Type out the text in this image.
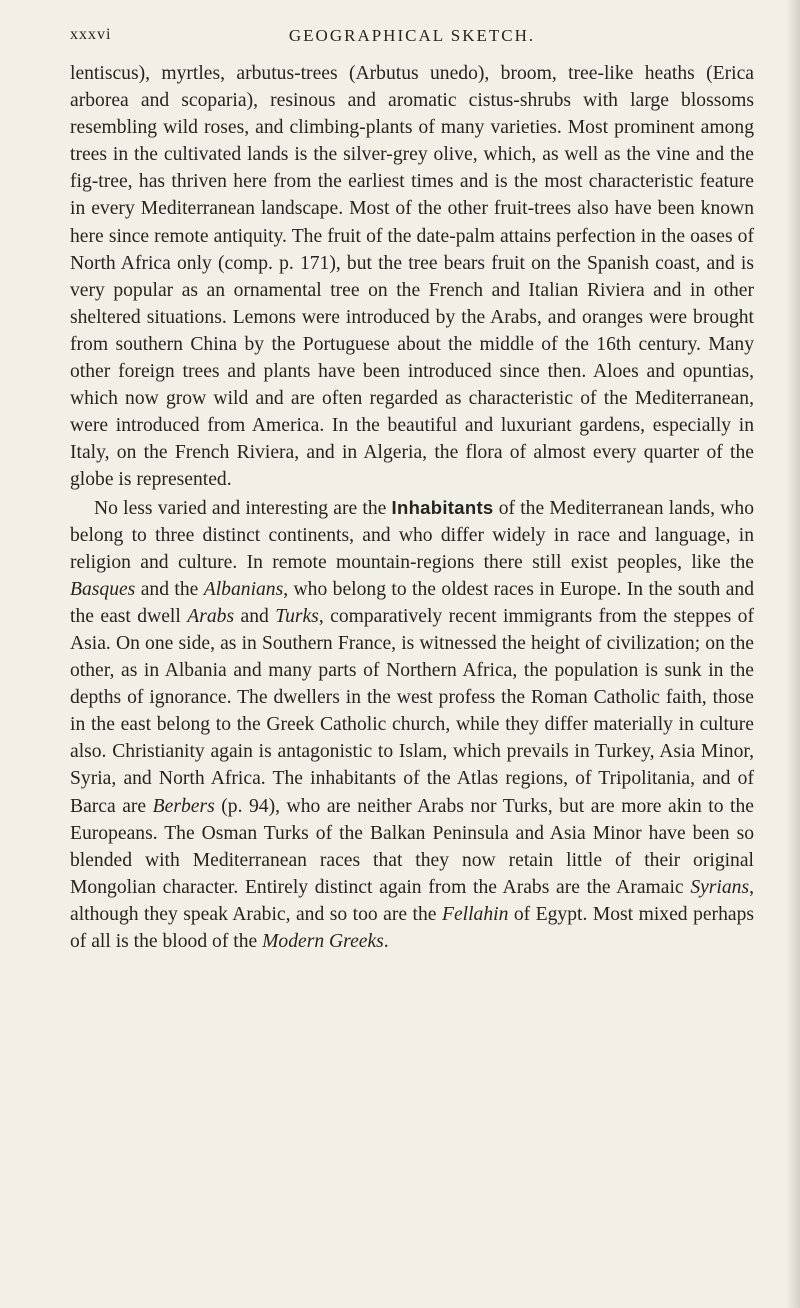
xxxvi	GEOGRAPHICAL SKETCH.

lentiscus), myrtles, arbutus-trees (Arbutus unedo), broom, tree-like heaths (Erica arborea and scoparia), resinous and aromatic cistus-shrubs with large blossoms resembling wild roses, and climbing-plants of many varieties. Most prominent among trees in the cultivated lands is the silver-grey olive, which, as well as the vine and the fig-tree, has thriven here from the earliest times and is the most characteristic feature in every Mediterranean landscape. Most of the other fruit-trees also have been known here since remote antiquity. The fruit of the date-palm attains perfection in the oases of North Africa only (comp. p. 171), but the tree bears fruit on the Spanish coast, and is very popular as an ornamental tree on the French and Italian Riviera and in other sheltered situations. Lemons were introduced by the Arabs, and oranges were brought from southern China by the Portuguese about the middle of the 16th century. Many other foreign trees and plants have been introduced since then. Aloes and opuntias, which now grow wild and are often regarded as characteristic of the Mediterranean, were introduced from America. In the beautiful and luxuriant gardens, especially in Italy, on the French Riviera, and in Algeria, the flora of almost every quarter of the globe is represented.

No less varied and interesting are the Inhabitants of the Mediterranean lands, who belong to three distinct continents, and who differ widely in race and language, in religion and culture. In remote mountain-regions there still exist peoples, like the Basques and the Albanians, who belong to the oldest races in Europe. In the south and the east dwell Arabs and Turks, comparatively recent immigrants from the steppes of Asia. On one side, as in Southern France, is witnessed the height of civilization; on the other, as in Albania and many parts of Northern Africa, the population is sunk in the depths of ignorance. The dwellers in the west profess the Roman Catholic faith, those in the east belong to the Greek Catholic church, while they differ materially in culture also. Christianity again is antagonistic to Islam, which prevails in Turkey, Asia Minor, Syria, and North Africa. The inhabitants of the Atlas regions, of Tripolitania, and of Barca are Berbers (p. 94), who are neither Arabs nor Turks, but are more akin to the Europeans. The Osman Turks of the Balkan Peninsula and Asia Minor have been so blended with Mediterranean races that they now retain little of their original Mongolian character. Entirely distinct again from the Arabs are the Aramaic Syrians, although they speak Arabic, and so too are the Fellahin of Egypt. Most mixed perhaps of all is the blood of the Modern Greeks.
